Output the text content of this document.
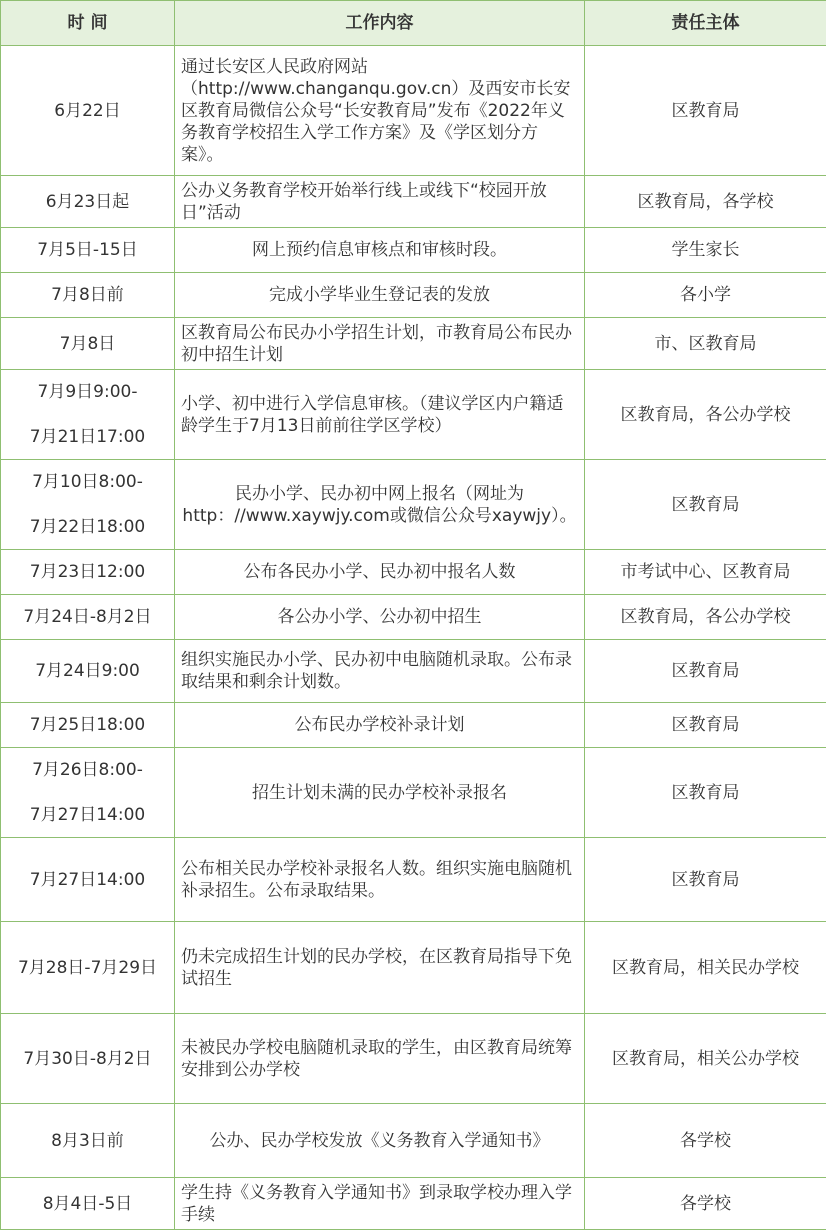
时 间	工作内容	责任主体

6月22日	通过长安区人民政府网站（http://www.changanqu.gov.cn）及西安市长安区教育局微信公众号“长安教育局”发布《2022年义务教育学校招生入学工作方案》及《学区划分方案》。	区教育局

6月23日起	公办义务教育学校开始举行线上或线下“校园开放日”活动	区教育局，各学校

7月5日-15日	网上预约信息审核点和审核时段。	学生家长

7月8日前	完成小学毕业生登记表的发放	各小学

7月8日	区教育局公布民办小学招生计划，市教育局公布民办初中招生计划	市、区教育局

7月9日9:00-
7月21日17:00	小学、初中进行入学信息审核。（建议学区内户籍适龄学生于7月13日前前往学区学校）	区教育局，各公办学校

7月10日8:00-
7月22日18:00	民办小学、民办初中网上报名（网址为http：//www.xaywjy.com或微信公众号xaywjy）。	区教育局

7月23日12:00	公布各民办小学、民办初中报名人数	市考试中心、区教育局

7月24日-8月2日	各公办小学、公办初中招生	区教育局，各公办学校

7月24日9:00	组织实施民办小学、民办初中电脑随机录取。公布录取结果和剩余计划数。	区教育局

7月25日18:00	公布民办学校补录计划	区教育局

7月26日8:00-
7月27日14:00	招生计划未满的民办学校补录报名	区教育局

7月27日14:00	公布相关民办学校补录报名人数。组织实施电脑随机补录招生。公布录取结果。	区教育局

7月28日-7月29日	仍未完成招生计划的民办学校，在区教育局指导下免试招生	区教育局，相关民办学校

7月30日-8月2日	未被民办学校电脑随机录取的学生，由区教育局统筹安排到公办学校	区教育局，相关公办学校

8月3日前	公办、民办学校发放《义务教育入学通知书》	各学校

8月4日-5日	学生持《义务教育入学通知书》到录取学校办理入学手续	各学校
